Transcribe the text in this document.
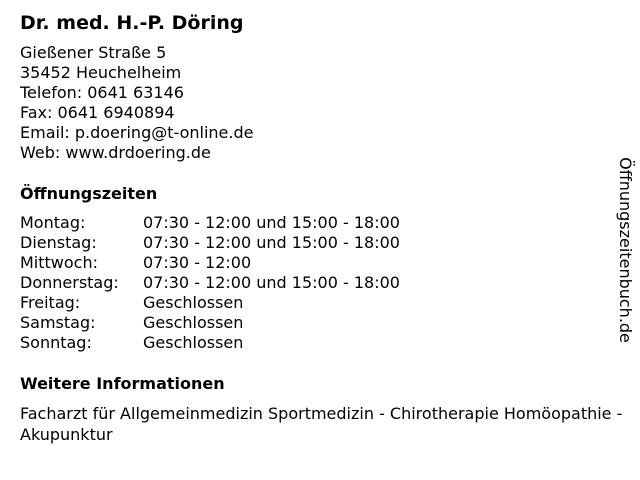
Dr. med. H.-P. Döring
Gießener Straße 5
35452 Heuchelheim
Telefon: 0641 63146
Fax: 0641 6940894
Email: p.doering@t-online.de
Web: www.drdoering.de
Öffnungszeiten
Montag:	07:30 - 12:00 und 15:00 - 18:00
Dienstag:	07:30 - 12:00 und 15:00 - 18:00
Mittwoch:	07:30 - 12:00
Donnerstag:	07:30 - 12:00 und 15:00 - 18:00
Freitag:	Geschlossen
Samstag:	Geschlossen
Sonntag:	Geschlossen
Weitere Informationen
Facharzt für Allgemeinmedizin Sportmedizin - Chirotherapie Homöopathie - Akupunktur
Öffnungszeitenbuch.de
